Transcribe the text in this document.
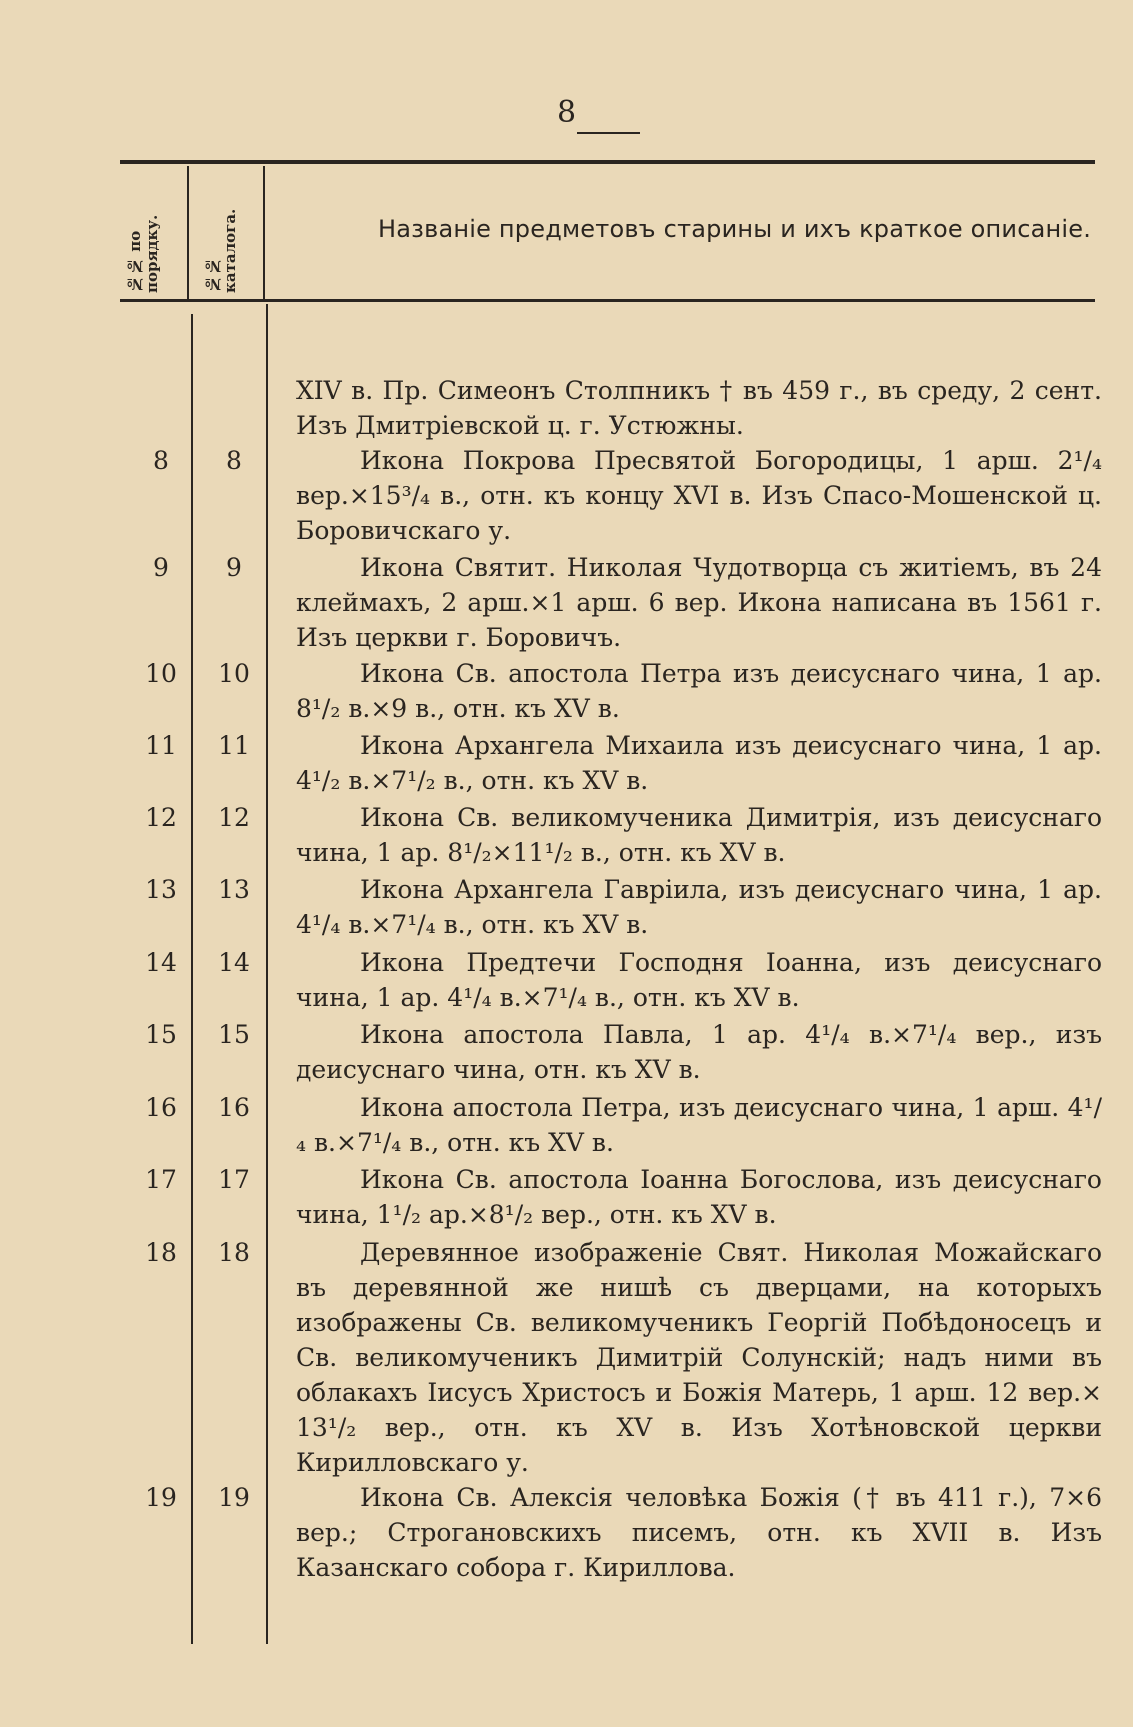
8
№№ по порядку.	№№ каталога.	Названіе предметовъ старины и ихъ краткое описаніе.

XIV в. Пр. Симеонъ Столпникъ † въ 459 г., въ среду, 2 сент. Изъ Дмитріевской ц. г. Устюжны.

8	8	Икона Покрова Пресвятой Богородицы, 1 арш. 2¹/₄ вер.×15³/₄ в., отн. къ концу XVI в. Изъ Спасо-Мошенской ц. Боровичскаго у.

9	9	Икона Святит. Николая Чудотворца съ житіемъ, въ 24 клеймахъ, 2 арш.×1 арш. 6 вер. Икона написана въ 1561 г. Изъ церкви г. Боровичъ.

10	10	Икона Св. апостола Петра изъ деисуснаго чина, 1 ар. 8¹/₂ в.×9 в., отн. къ XV в.

11	11	Икона Архангела Михаила изъ деисуснаго чина, 1 ар. 4¹/₂ в.×7¹/₂ в., отн. къ XV в.

12	12	Икона Св. великомученика Димитрія, изъ деисуснаго чина, 1 ар. 8¹/₂×11¹/₂ в., отн. къ XV в.

13	13	Икона Архангела Гавріила, изъ деисуснаго чина, 1 ар. 4¹/₄ в.×7¹/₄ в., отн. къ XV в.

14	14	Икона Предтечи Господня Іоанна, изъ деисуснаго чина, 1 ар. 4¹/₄ в.×7¹/₄ в., отн. къ XV в.

15	15	Икона апостола Павла, 1 ар. 4¹/₄ в.×7¹/₄ вер., изъ деисуснаго чина, отн. къ XV в.

16	16	Икона апостола Петра, изъ деисуснаго чина, 1 арш. 4¹/₄ в.×7¹/₄ в., отн. къ XV в.

17	17	Икона Св. апостола Іоанна Богослова, изъ деисуснаго чина, 1¹/₂ ар.×8¹/₂ вер., отн. къ XV в.

18	18	Деревянное изображеніе Свят. Николая Можайскаго въ деревянной же нишѣ съ дверцами, на которыхъ изображены Св. великомученикъ Георгій Побѣдоносецъ и Св. великомученикъ Димитрій Солунскій; надъ ними въ облакахъ Іисусъ Христосъ и Божія Матерь, 1 арш. 12 вер.× 13¹/₂ вер., отн. къ XV в. Изъ Хотѣновской церкви Кирилловскаго у.

19	19	Икона Св. Алексія человѣка Божія († въ 411 г.), 7×6 вер.; Строгановскихъ писемъ, отн. къ XVII в. Изъ Казанскаго собора г. Кириллова.
